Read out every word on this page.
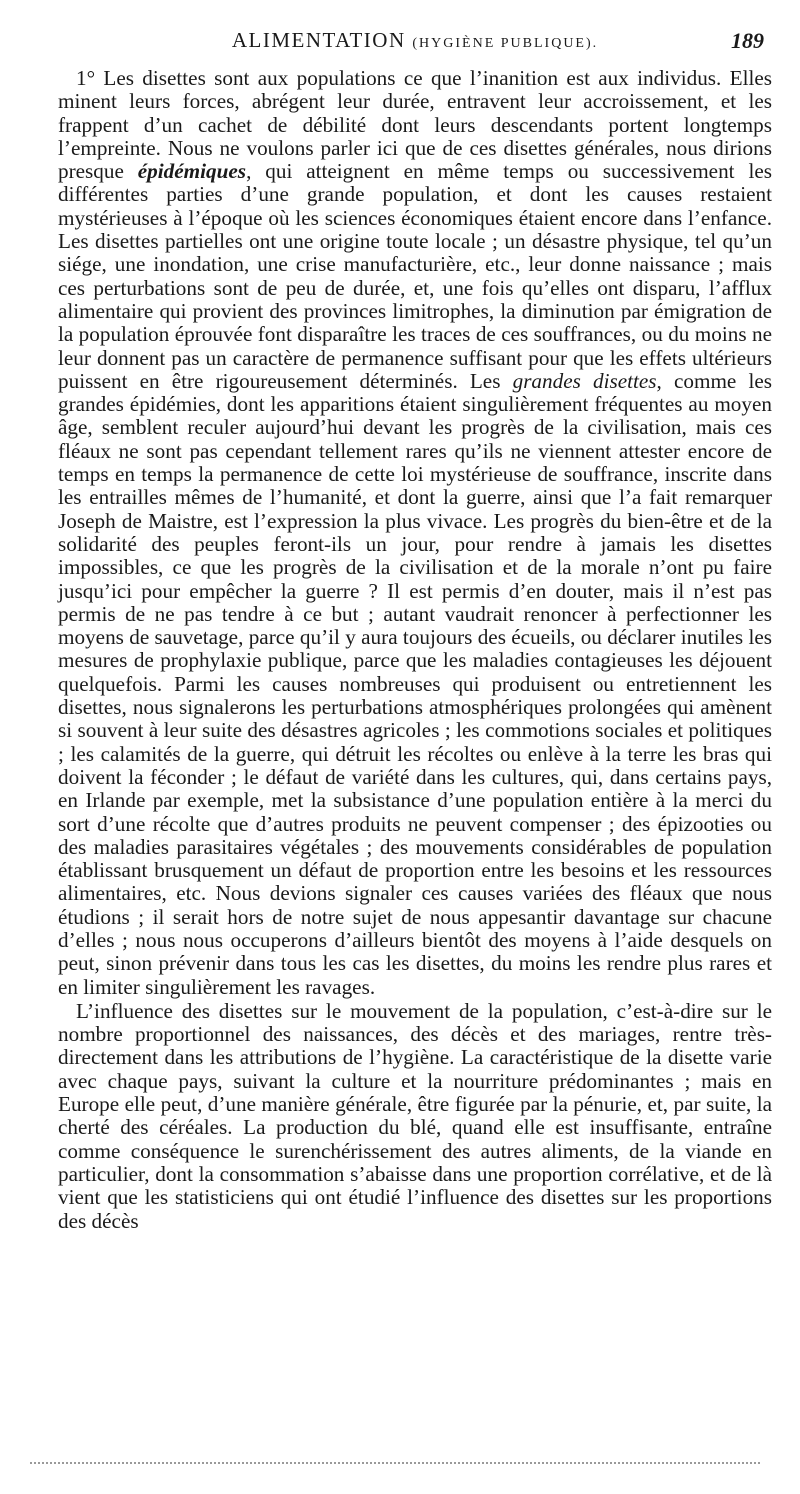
ALIMENTATION (HYGIÈNE PUBLIQUE).	189

1° Les disettes sont aux populations ce que l’inanition est aux individus. Elles minent leurs forces, abrégent leur durée, entravent leur accroissement, et les frappent d’un cachet de débilité dont leurs descendants portent longtemps l’empreinte. Nous ne voulons parler ici que de ces disettes générales, nous dirions presque épidémiques, qui atteignent en même temps ou successivement les différentes parties d’une grande population, et dont les causes restaient mystérieuses à l’époque où les sciences économiques étaient encore dans l’enfance. Les disettes partielles ont une origine toute locale ; un désastre physique, tel qu’un siége, une inondation, une crise manufacturière, etc., leur donne naissance ; mais ces perturbations sont de peu de durée, et, une fois qu’elles ont disparu, l’afflux alimentaire qui provient des provinces limitrophes, la diminution par émigration de la population éprouvée font disparaître les traces de ces souffrances, ou du moins ne leur donnent pas un caractère de permanence suffisant pour que les effets ultérieurs puissent en être rigoureusement déterminés. Les grandes disettes, comme les grandes épidémies, dont les apparitions étaient singulièrement fréquentes au moyen âge, semblent reculer aujourd’hui devant les progrès de la civilisation, mais ces fléaux ne sont pas cependant tellement rares qu’ils ne viennent attester encore de temps en temps la permanence de cette loi mystérieuse de souffrance, inscrite dans les entrailles mêmes de l’humanité, et dont la guerre, ainsi que l’a fait remarquer Joseph de Maistre, est l’expression la plus vivace. Les progrès du bien-être et de la solidarité des peuples feront-ils un jour, pour rendre à jamais les disettes impossibles, ce que les progrès de la civilisation et de la morale n’ont pu faire jusqu’ici pour empêcher la guerre ? Il est permis d’en douter, mais il n’est pas permis de ne pas tendre à ce but ; autant vaudrait renoncer à perfectionner les moyens de sauvetage, parce qu’il y aura toujours des écueils, ou déclarer inutiles les mesures de prophylaxie publique, parce que les maladies contagieuses les déjouent quelquefois. Parmi les causes nombreuses qui produisent ou entretiennent les disettes, nous signalerons les perturbations atmosphériques prolongées qui amènent si souvent à leur suite des désastres agricoles ; les commotions sociales et politiques ; les calamités de la guerre, qui détruit les récoltes ou enlève à la terre les bras qui doivent la féconder ; le défaut de variété dans les cultures, qui, dans certains pays, en Irlande par exemple, met la subsistance d’une population entière à la merci du sort d’une récolte que d’autres produits ne peuvent compenser ; des épizooties ou des maladies parasitaires végétales ; des mouvements considérables de population établissant brusquement un défaut de proportion entre les besoins et les ressources alimentaires, etc. Nous devions signaler ces causes variées des fléaux que nous étudions ; il serait hors de notre sujet de nous appesantir davantage sur chacune d’elles ; nous nous occuperons d’ailleurs bientôt des moyens à l’aide desquels on peut, sinon prévenir dans tous les cas les disettes, du moins les rendre plus rares et en limiter singulièrement les ravages.

L’influence des disettes sur le mouvement de la population, c’est-à-dire sur le nombre proportionnel des naissances, des décès et des mariages, rentre très-directement dans les attributions de l’hygiène. La caractéristique de la disette varie avec chaque pays, suivant la culture et la nourriture prédominantes ; mais en Europe elle peut, d’une manière générale, être figurée par la pénurie, et, par suite, la cherté des céréales. La production du blé, quand elle est insuffisante, entraîne comme conséquence le surenchérissement des autres aliments, de la viande en particulier, dont la consommation s’abaisse dans une proportion corrélative, et de là vient que les statisticiens qui ont étudié l’influence des disettes sur les proportions des décès
